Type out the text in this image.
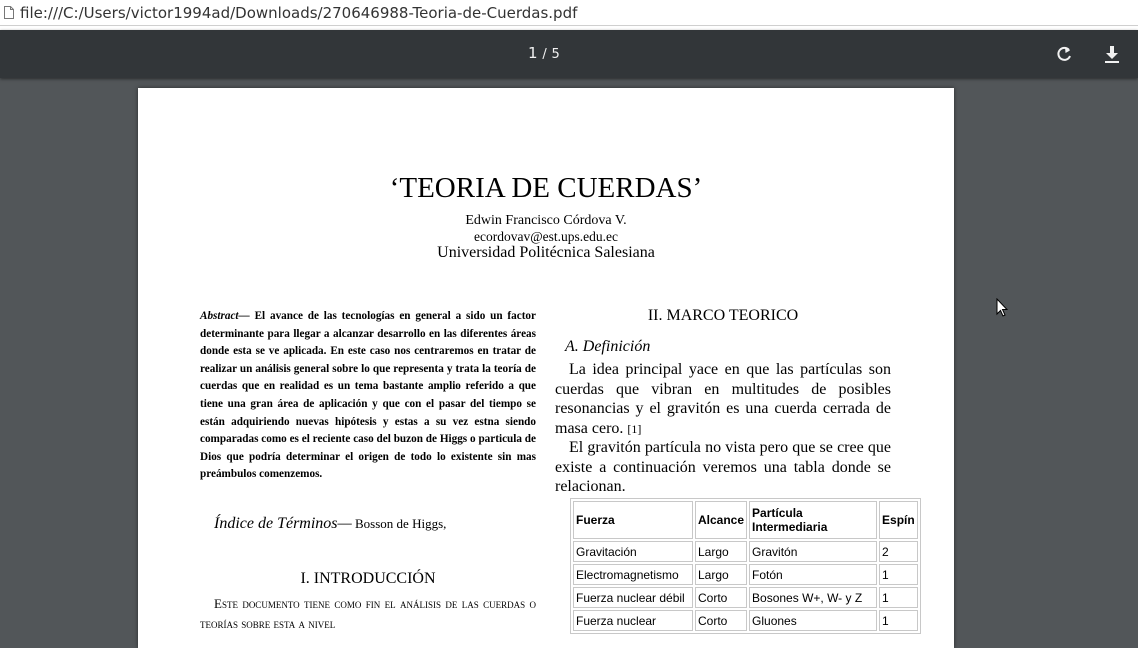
file:///C:/Users/victor1994ad/Downloads/270646988-Teoria-de-Cuerdas.pdf
1 / 5
‘TEORIA DE CUERDAS’
Edwin Francisco Córdova V.
ecordovav@est.ups.edu.ec
Universidad Politécnica Salesiana
Abstract— El avance de las tecnologías en general a sido un factor determinante para llegar a alcanzar desarrollo en las diferentes áreas donde esta se ve aplicada. En este caso nos centraremos en tratar de realizar un análisis general sobre lo que representa y trata la teoría de cuerdas que en realidad es un tema bastante amplio referido a que tiene una gran área de aplicación y que con el pasar del tiempo se están adquiriendo nuevas hipótesis y estas a su vez estna siendo comparadas como es el reciente caso del buzon de Higgs o particula de Dios que podría determinar el origen de todo lo existente sin mas preámbulos comenzemos.
Índice de Términos— Bosson de Higgs,
I. INTRODUCCIÓN
Este documento tiene como fin el análisis de las cuerdas o teorías sobre esta a nivel
II. MARCO TEORICO
A. Definición
La idea principal yace en que las partículas son cuerdas que vibran en multitudes de posibles resonancias y el gravitón es una cuerda cerrada de masa cero. [1]
El gravitón partícula no vista pero que se cree que existe a continuación veremos una tabla donde se relacionan.
Fuerza	Alcance	Partícula Intermediaria	Espín
Gravitación	Largo	Gravitón	2
Electromagnetismo	Largo	Fotón	1
Fuerza nuclear débil	Corto	Bosones W+, W- y Z	1
Fuerza nuclear	Corto	Gluones	1
